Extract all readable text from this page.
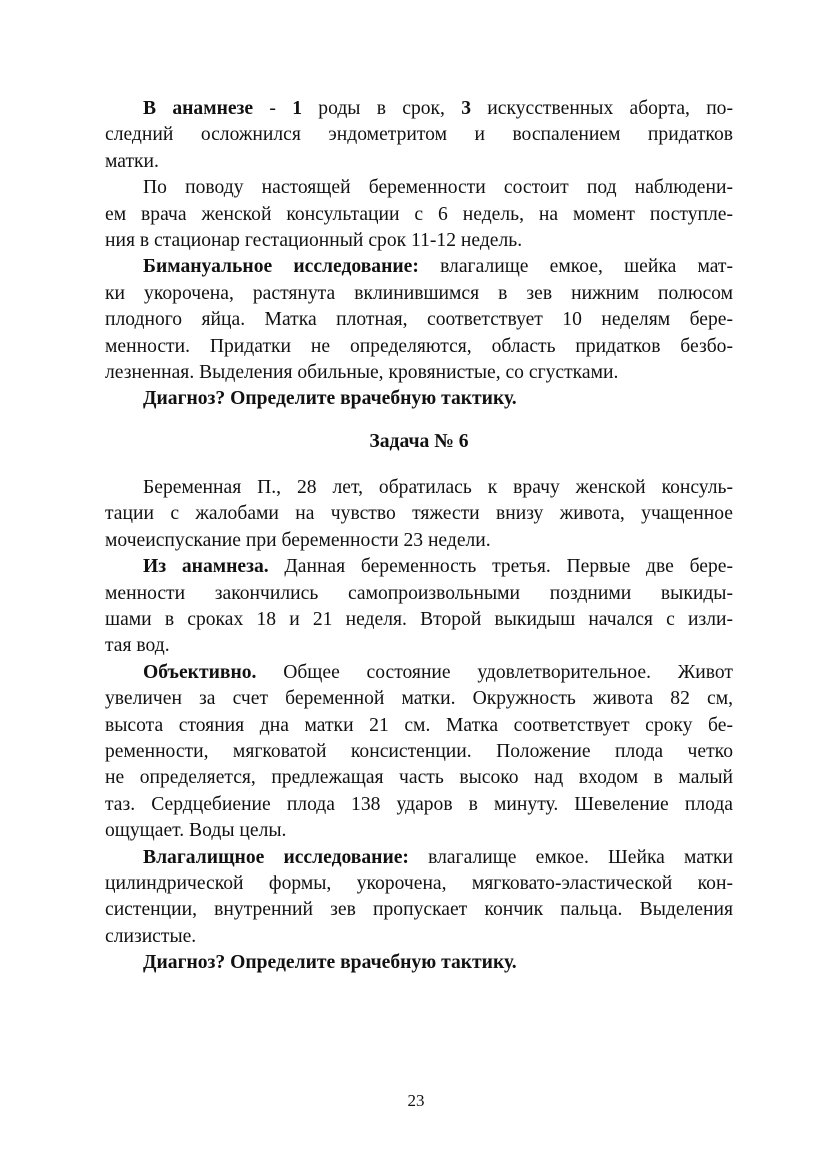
В анамнезе - 1 роды в срок, 3 искусственных аборта, по-
следний осложнился эндометритом и воспалением придатков
матки.
По поводу настоящей беременности состоит под наблюдени-
ем врача женской консультации с 6 недель, на момент поступле-
ния в стационар гестационный срок 11-12 недель.
Бимануальное исследование: влагалище емкое, шейка мат-
ки укорочена, растянута вклинившимся в зев нижним полюсом
плодного яйца. Матка плотная, соответствует 10 неделям бере-
менности. Придатки не определяются, область придатков безбо-
лезненная. Выделения обильные, кровянистые, со сгустками.
Диагноз? Определите врачебную тактику.
Задача № 6
Беременная П., 28 лет, обратилась к врачу женской консуль-
тации с жалобами на чувство тяжести внизу живота, учащенное
мочеиспускание при беременности 23 недели.
Из анамнеза. Данная беременность третья. Первые две бере-
менности закончились самопроизвольными поздними выкиды-
шами в сроках 18 и 21 неделя. Второй выкидыш начался с изли-
тая вод.
Объективно. Общее состояние удовлетворительное. Живот
увеличен за счет беременной матки. Окружность живота 82 см,
высота стояния дна матки 21 см. Матка соответствует сроку бе-
ременности, мягковатой консистенции. Положение плода четко
не определяется, предлежащая часть высоко над входом в малый
таз. Сердцебиение плода 138 ударов в минуту. Шевеление плода
ощущает. Воды целы.
Влагалищное исследование: влагалище емкое. Шейка матки
цилиндрической формы, укорочена, мягковато-эластической кон-
систенции, внутренний зев пропускает кончик пальца. Выделения
слизистые.
Диагноз? Определите врачебную тактику.
23
